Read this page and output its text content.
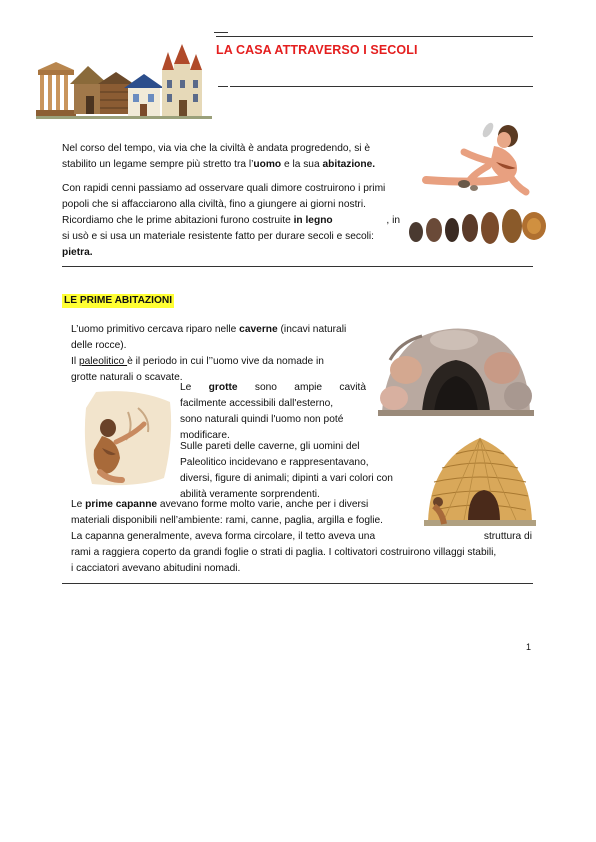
LA CASA ATTRAVERSO I SECOLI
Nel corso del tempo, via via che la civiltà è andata progredendo, si è
stabilito un legame sempre più stretto tra l’uomo e la sua abitazione.
Con rapidi cenni passiamo ad osservare quali dimore costruirono i primi
popoli che si affacciarono alla civiltà, fino a giungere ai giorni nostri.
Ricordiamo che le prime abitazioni furono costruite in legno	, in
si usò e si usa un materiale resistente fatto per durare secoli e secoli:
pietra.
LE PRIME ABITAZIONI
L’uomo primitivo cercava riparo nelle caverne (incavi naturali
delle rocce).
Il paleolitico è il periodo in cui l’’uomo vive da nomade in
grotte naturali o scavate.
Le grotte sono ampie cavità
facilmente accessibili dall'esterno,
sono naturali quindi l'uomo non poté
modificare.
Sulle pareti delle caverne, gli uomini del
Paleolitico incidevano e rappresentavano,
diversi, figure di animali; dipinti a vari colori con
abilità veramente sorprendenti.
Le prime capanne avevano forme molto varie, anche per i diversi
materiali disponibili nell’ambiente: rami, canne, paglia, argilla e foglie.
La capanna generalmente, aveva forma circolare, il tetto aveva una	struttura di
rami a raggiera coperto da grandi foglie o strati di paglia. I coltivatori costruirono villaggi stabili,
i cacciatori avevano abitudini nomadi.
1
